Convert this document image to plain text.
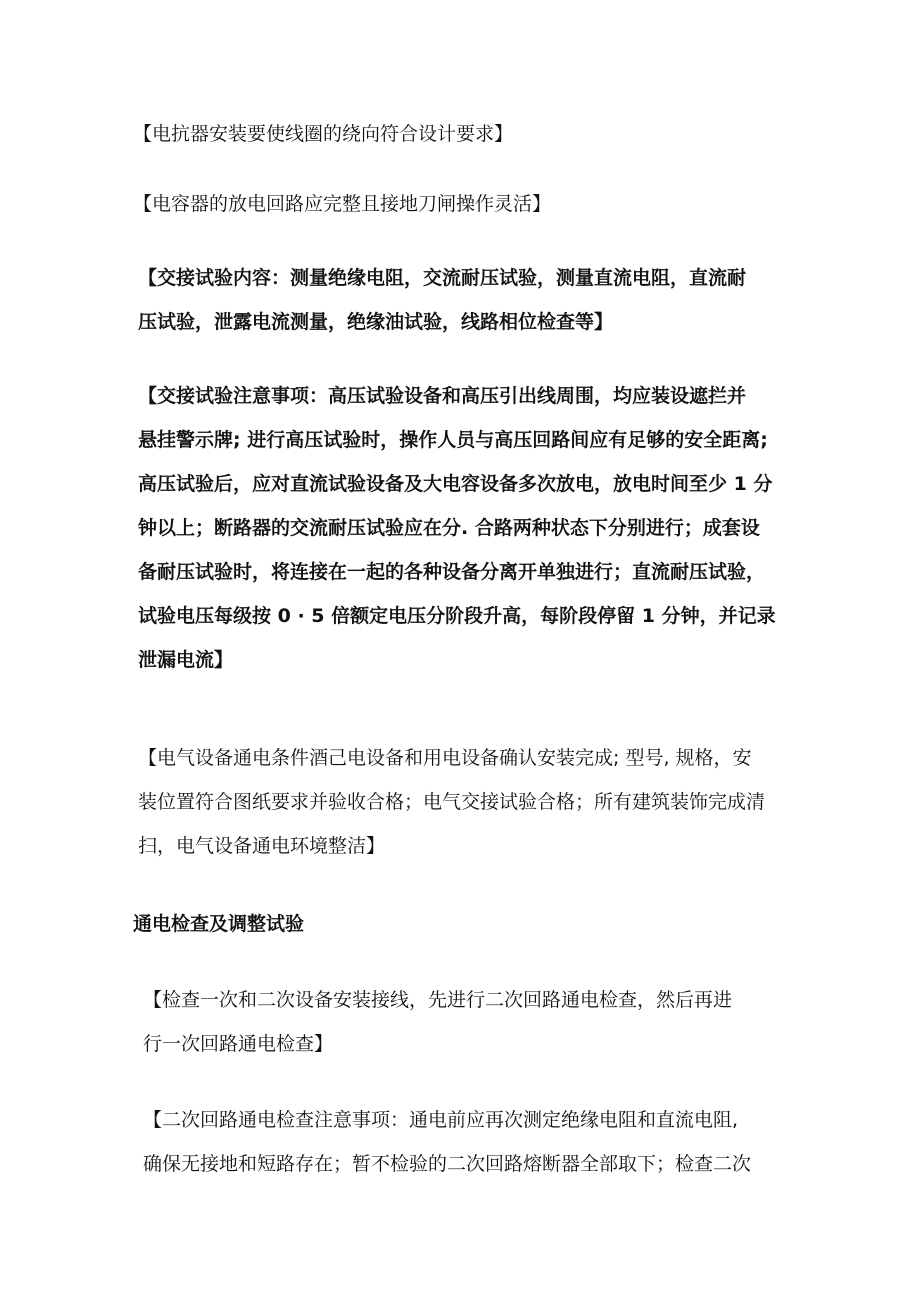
【电抗器安装要使线圈的绕向符合设计要求】

【电容器的放电回路应完整且接地刀闸操作灵活】

【交接试验内容：测量绝缘电阻，交流耐压试验，测量直流电阻，直流耐
压试验，泄露电流测量，绝缘油试验，线路相位检查等】

【交接试验注意事项：高压试验设备和高压引出线周围，均应装设遮拦并
悬挂警示牌; 进行高压试验时，操作人员与高压回路间应有足够的安全距离;
高压试验后，应对直流试验设备及大电容设备多次放电，放电时间至少 1 分
钟以上；断路器的交流耐压试验应在分. 合路两种状态下分别进行；成套设
备耐压试验时，将连接在一起的各种设备分离开单独进行；直流耐压试验，
试验电压每级按 0 · 5 倍额定电压分阶段升高，每阶段停留 1 分钟，并记录
泄漏电流】

【电气设备通电条件酒己电设备和用电设备确认安装完成; 型号, 规格，安
装位置符合图纸要求并验收合格；电气交接试验合格；所有建筑装饰完成清
扫，电气设备通电环境整洁】

通电检查及调整试验

【检查一次和二次设备安装接线，先进行二次回路通电检查，然后再进
行一次回路通电检查】

【二次回路通电检查注意事项：通电前应再次测定绝缘电阻和直流电阻,
确保无接地和短路存在；暂不检验的二次回路熔断器全部取下；检查二次
